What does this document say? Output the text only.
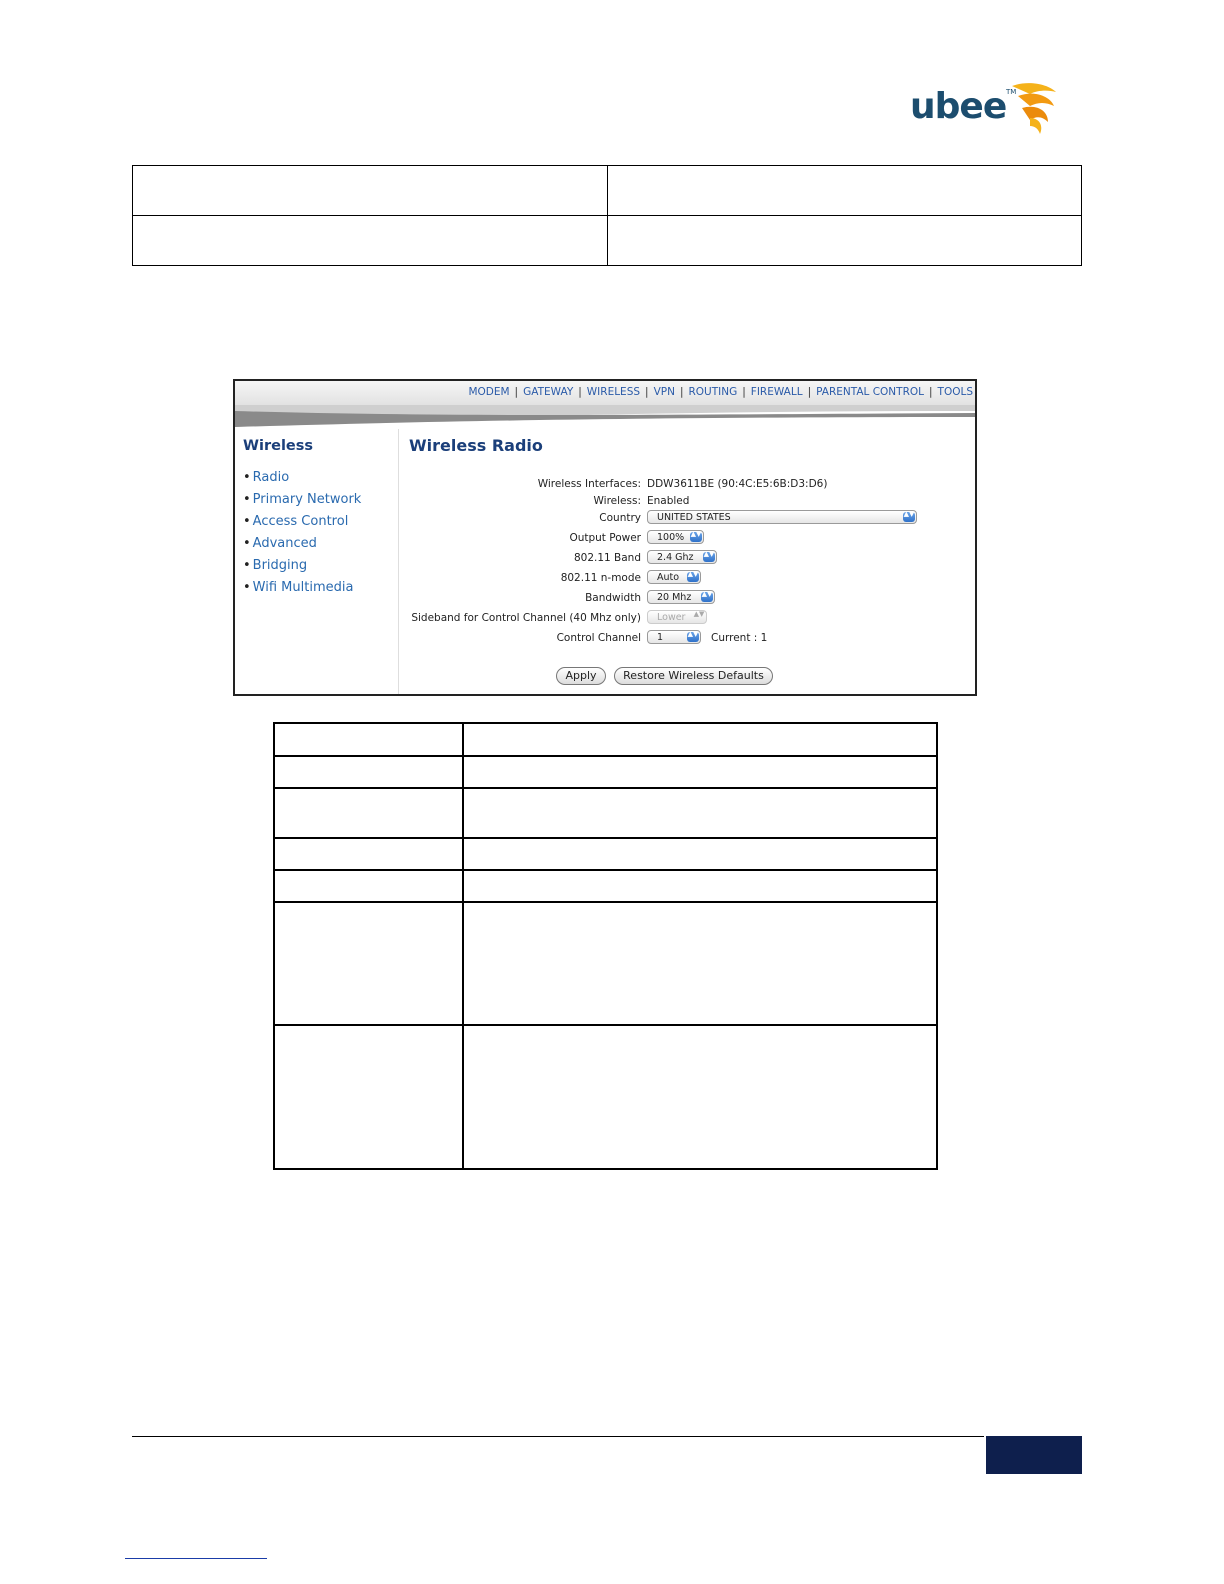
ubee TM

MODEM | GATEWAY | WIRELESS | VPN | ROUTING | FIREWALL | PARENTAL CONTROL | TOOLS
Wireless
• Radio
• Primary Network
• Access Control
• Advanced
• Bridging
• Wifi Multimedia
Wireless Radio
Wireless Interfaces: DDW3611BE (90:4C:E5:6B:D3:D6)
Wireless: Enabled
Country UNITED STATES	▲▼
Output Power 100% ▲▼
802.11 Band 2.4 Ghz ▲▼
802.11 n-mode Auto ▲▼
Bandwidth 20 Mhz ▲▼
Sideband for Control Channel (40 Mhz only) Lower ▲▼
Control Channel 1	▲▼ Current : 1
Apply	Restore Wireless Defaults
